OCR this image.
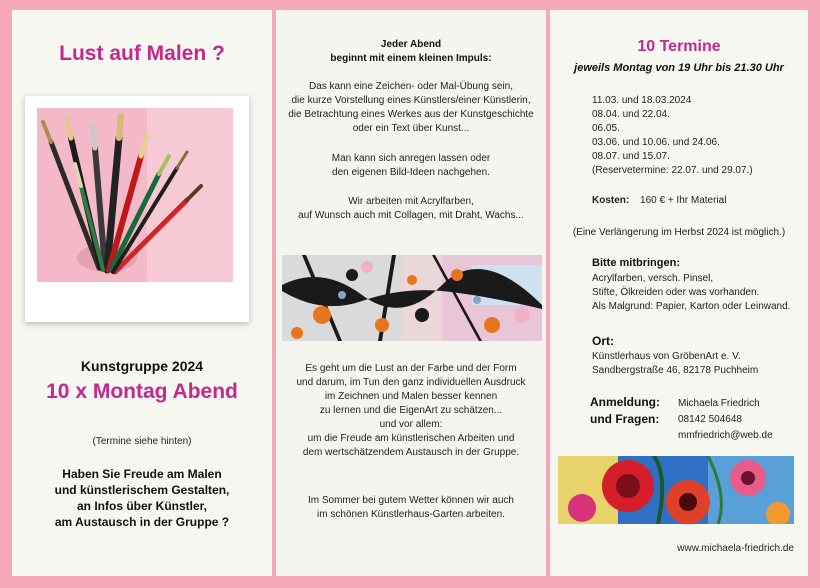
Lust auf Malen ?
Kunstgruppe 2024
10 x Montag Abend
(Termine siehe hinten)
Haben Sie Freude am Malen
und künstlerischem Gestalten,
an Infos über Künstler,
am Austausch in der Gruppe ?
Jeder Abend
beginnt mit einem kleinen Impuls:
Das kann eine Zeichen- oder Mal-Übung sein,
die kurze Vorstellung eines Künstlers/einer Künstlerin,
die Betrachtung eines Werkes aus der Kunstgeschichte
oder ein Text über Kunst...
Man kann sich anregen lassen oder
den eigenen Bild-Ideen nachgehen.
Wir arbeiten mit Acrylfarben,
auf Wunsch auch mit Collagen, mit Draht, Wachs...
Es geht um die Lust an der Farbe und der Form
und darum, im Tun den ganz individuellen Ausdruck
im Zeichnen und Malen besser kennen
zu lernen und die EigenArt zu schätzen...
und vor allem:
um die Freude am künstlerischen Arbeiten und
dem wertschätzendem Austausch in der Gruppe.
Im Sommer bei gutem Wetter können wir auch
im schönen Künstlerhaus-Garten arbeiten.
10 Termine
jeweils Montag von 19 Uhr bis 21.30 Uhr
11.03. und 18.03.2024
08.04. und 22.04.
06.05.
03.06. und 10.06. und 24.06.
08.07. und 15.07.
(Reservetermine: 22.07. und 29.07.)
Kosten: 160 € + Ihr Material
(Eine Verlängerung im Herbst 2024 ist möglich.)
Bitte mitbringen:
Acrylfarben, versch. Pinsel,
Stifte, Ölkreiden oder was vorhanden.
Als Malgrund: Papier, Karton oder Leinwand.
Ort:
Künstlerhaus von GröbenArt e. V.
Sandbergstraße 46, 82178 Puchheim
Anmeldung:
und Fragen:
Michaela Friedrich
08142 504648
mmfriedrich@web.de
www.michaela-friedrich.de
